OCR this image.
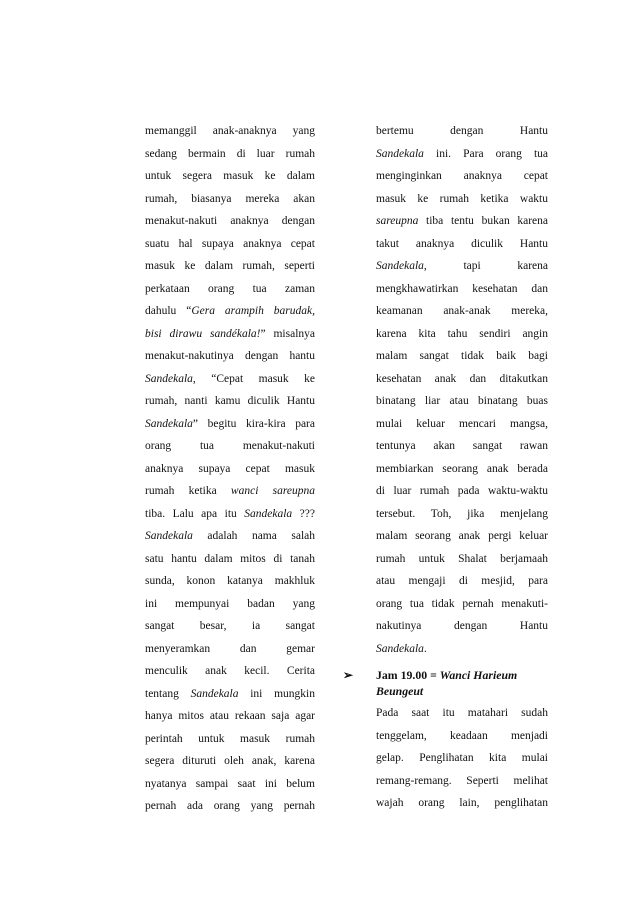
memanggil anak-anaknya yang
sedang bermain di luar rumah
untuk segera masuk ke dalam
rumah, biasanya mereka akan
menakut-nakuti anaknya dengan
suatu hal supaya anaknya cepat
masuk ke dalam rumah, seperti
perkataan orang tua zaman
dahulu “Gera arampih barudak,
bisi dirawu sandékala!” misalnya
menakut-nakutinya dengan hantu
Sandekala, “Cepat masuk ke
rumah, nanti kamu diculik Hantu
Sandekala” begitu kira-kira para
orang tua menakut-nakuti
anaknya supaya cepat masuk
rumah ketika wanci sareupna
tiba. Lalu apa itu Sandekala ???
Sandekala adalah nama salah
satu hantu dalam mitos di tanah
sunda, konon katanya makhluk
ini mempunyai badan yang
sangat besar, ia sangat
menyeramkan dan gemar
menculik anak kecil. Cerita
tentang Sandekala ini mungkin
hanya mitos atau rekaan saja agar
perintah untuk masuk rumah
segera dituruti oleh anak, karena
nyatanya sampai saat ini belum
pernah ada orang yang pernah
bertemu dengan Hantu
Sandekala ini. Para orang tua
menginginkan anaknya cepat
masuk ke rumah ketika waktu
sareupna tiba tentu bukan karena
takut anaknya diculik Hantu
Sandekala, tapi karena
mengkhawatirkan kesehatan dan
keamanan anak-anak mereka,
karena kita tahu sendiri angin
malam sangat tidak baik bagi
kesehatan anak dan ditakutkan
binatang liar atau binatang buas
mulai keluar mencari mangsa,
tentunya akan sangat rawan
membiarkan seorang anak berada
di luar rumah pada waktu-waktu
tersebut. Toh, jika menjelang
malam seorang anak pergi keluar
rumah untuk Shalat berjamaah
atau mengaji di mesjid, para
orang tua tidak pernah menakuti-
nakutinya dengan Hantu
Sandekala.
➢	Jam 19.00 = Wanci Harieum
Beungeut
Pada saat itu matahari sudah
tenggelam, keadaan menjadi
gelap. Penglihatan kita mulai
remang-remang. Seperti melihat
wajah orang lain, penglihatan
